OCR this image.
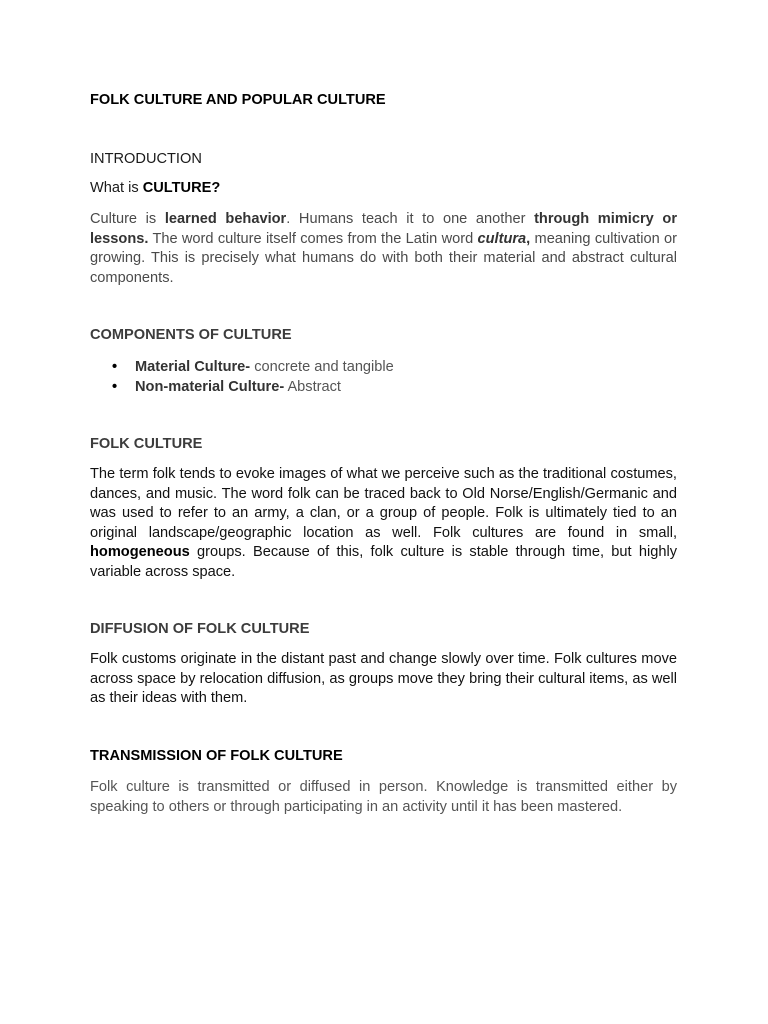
FOLK CULTURE AND POPULAR CULTURE
INTRODUCTION
What is CULTURE?

Culture is learned behavior. Humans teach it to one another through mimicry or lessons. The word culture itself comes from the Latin word cultura, meaning cultivation or growing. This is precisely what humans do with both their material and abstract cultural components.

COMPONENTS OF CULTURE
• Material Culture- concrete and tangible
• Non-material Culture- Abstract
FOLK CULTURE

The term folk tends to evoke images of what we perceive such as the traditional costumes, dances, and music. The word folk can be traced back to Old Norse/English/Germanic and was used to refer to an army, a clan, or a group of people. Folk is ultimately tied to an original landscape/geographic location as well. Folk cultures are found in small, homogeneous groups. Because of this, folk culture is stable through time, but highly variable across space.

DIFFUSION OF FOLK CULTURE

Folk customs originate in the distant past and change slowly over time. Folk cultures move across space by relocation diffusion, as groups move they bring their cultural items, as well as their ideas with them.

TRANSMISSION OF FOLK CULTURE

Folk culture is transmitted or diffused in person. Knowledge is transmitted either by speaking to others or through participating in an activity until it has been mastered.
